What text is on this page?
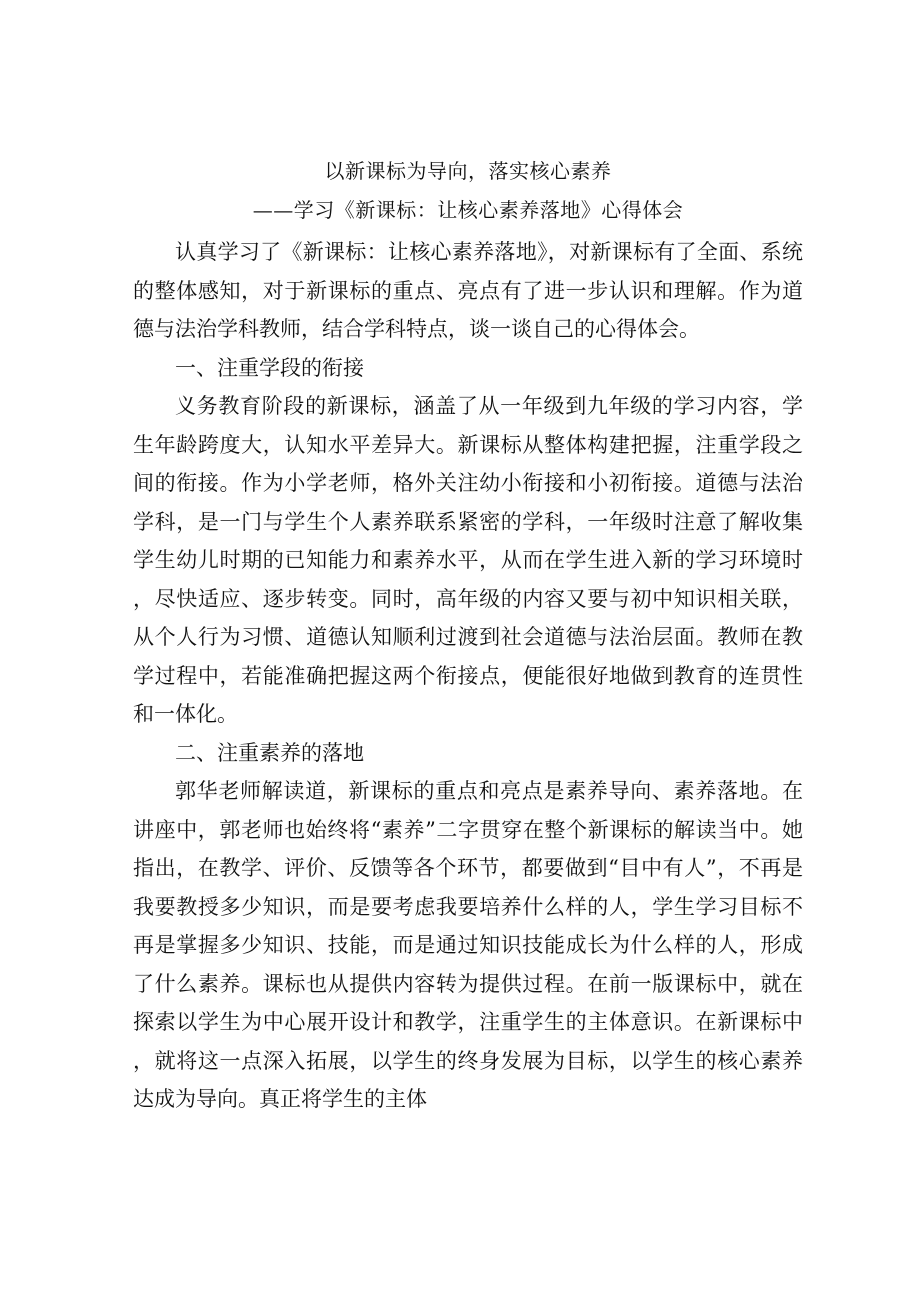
以新课标为导向，落实核心素养
——学习《新课标：让核心素养落地》心得体会

认真学习了《新课标：让核心素养落地》，对新课标有了全面、系统的整体感知，对于新课标的重点、亮点有了进一步认识和理解。作为道德与法治学科教师，结合学科特点，谈一谈自己的心得体会。

一、注重学段的衔接

义务教育阶段的新课标，涵盖了从一年级到九年级的学习内容，学生年龄跨度大，认知水平差异大。新课标从整体构建把握，注重学段之间的衔接。作为小学老师，格外关注幼小衔接和小初衔接。道德与法治学科，是一门与学生个人素养联系紧密的学科，一年级时注意了解收集学生幼儿时期的已知能力和素养水平，从而在学生进入新的学习环境时，尽快适应、逐步转变。同时，高年级的内容又要与初中知识相关联，从个人行为习惯、道德认知顺利过渡到社会道德与法治层面。教师在教学过程中，若能准确把握这两个衔接点，便能很好地做到教育的连贯性和一体化。

二、注重素养的落地

郭华老师解读道，新课标的重点和亮点是素养导向、素养落地。在讲座中，郭老师也始终将“素养”二字贯穿在整个新课标的解读当中。她指出，在教学、评价、反馈等各个环节，都要做到“目中有人”，不再是我要教授多少知识，而是要考虑我要培养什么样的人，学生学习目标不再是掌握多少知识、技能，而是通过知识技能成长为什么样的人，形成了什么素养。课标也从提供内容转为提供过程。在前一版课标中，就在探索以学生为中心展开设计和教学，注重学生的主体意识。在新课标中，就将这一点深入拓展，以学生的终身发展为目标，以学生的核心素养达成为导向。真正将学生的主体
